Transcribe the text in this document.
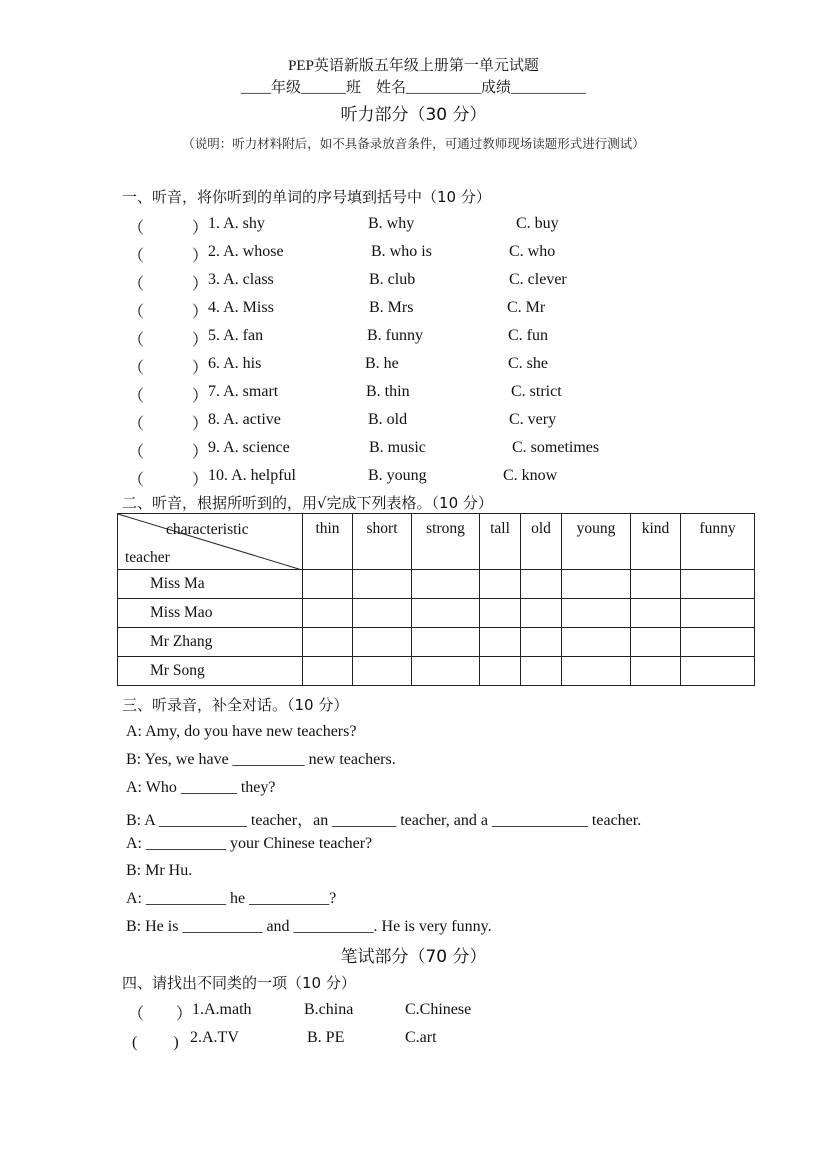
PEP英语新版五年级上册第一单元试题
____年级______班　姓名__________成绩__________
听力部分（30 分）
（说明：听力材料附后，如不具备录放音条件，可通过教师现场读题形式进行测试）
一、听音，将你听到的单词的序号填到括号中（10 分）
（　　　） 1. A. shy	B. why	C. buy
（　　　） 2. A. whose	B. who is	C. who
（　　　） 3. A. class	B. club	C. clever
（　　　） 4. A. Miss	B. Mrs	C. Mr
（　　　） 5. A. fan	B. funny	C. fun
（　　　） 6. A. his	B. he	C. she
（　　　） 7. A. smart	B. thin	C. strict
（　　　） 8. A. active	B. old	C. very
（　　　） 9. A. science	B. music	C. sometimes
（　　　） 10. A. helpful	B. young	C. know
二、听音，根据所听到的，用√完成下列表格。（10 分）
characteristic
teacher	thin	short	strong	tall	old	young	kind	funny
Miss Ma								
Miss Mao								
Mr Zhang								
Mr Song								
三、听录音，补全对话。（10 分）
A: Amy, do you have new teachers?
B: Yes, we have _________ new teachers.
A: Who _______ they?
B: A ___________ teacher，an ________ teacher, and a ____________ teacher.
A: __________ your Chinese teacher?
B: Mr Hu.
A: __________ he __________?
B: He is __________ and __________. He is very funny.
笔试部分（70 分）
四、请找出不同类的一项（10 分）
（　　） 1.A.math	B.china	C.Chinese
(　　 ) 2.A.TV	B. PE	C.art
